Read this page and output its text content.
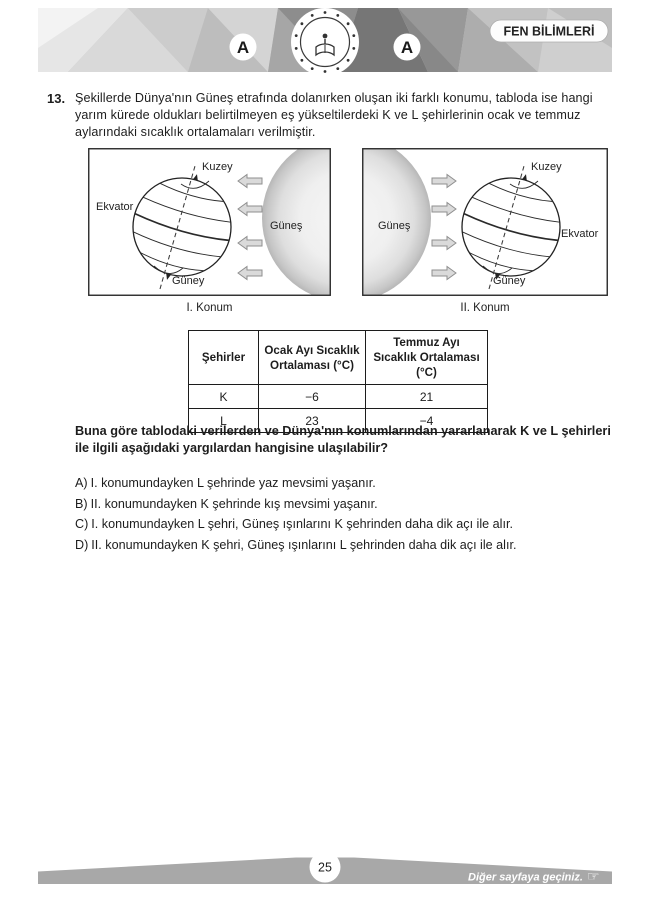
A	A
FEN BİLİMLERİ
13. Şekillerde Dünya'nın Güneş etrafında dolanırken oluşan iki farklı konumu, tabloda ise hangi yarım kürede oldukları belirtilmeyen eş yükseltilerdeki K ve L şehirlerinin ocak ve temmuz aylarındaki sıcaklık ortalamaları verilmiştir.
Güneş
Kuzey
Ekvator
Güney
I. Konum
Güneş
Kuzey
Ekvator
Güney
II. Konum
Şehirler	Ocak Ayı Sıcaklık Ortalaması (°C)	Temmuz Ayı Sıcaklık Ortalaması (°C)
K	−6	21
L	23	−4
Buna göre tablodaki verilerden ve Dünya'nın konumlarından yararlanarak K ve L şehirleri ile ilgili aşağıdaki yargılardan hangisine ulaşılabilir?
A) I. konumundayken L şehrinde yaz mevsimi yaşanır.
B) II. konumundayken K şehrinde kış mevsimi yaşanır.
C) I. konumundayken L şehri, Güneş ışınlarını K şehrinden daha dik açı ile alır.
D) II. konumundayken K şehri, Güneş ışınlarını L şehrinden daha dik açı ile alır.
25
Diğer sayfaya geçiniz. ☞
